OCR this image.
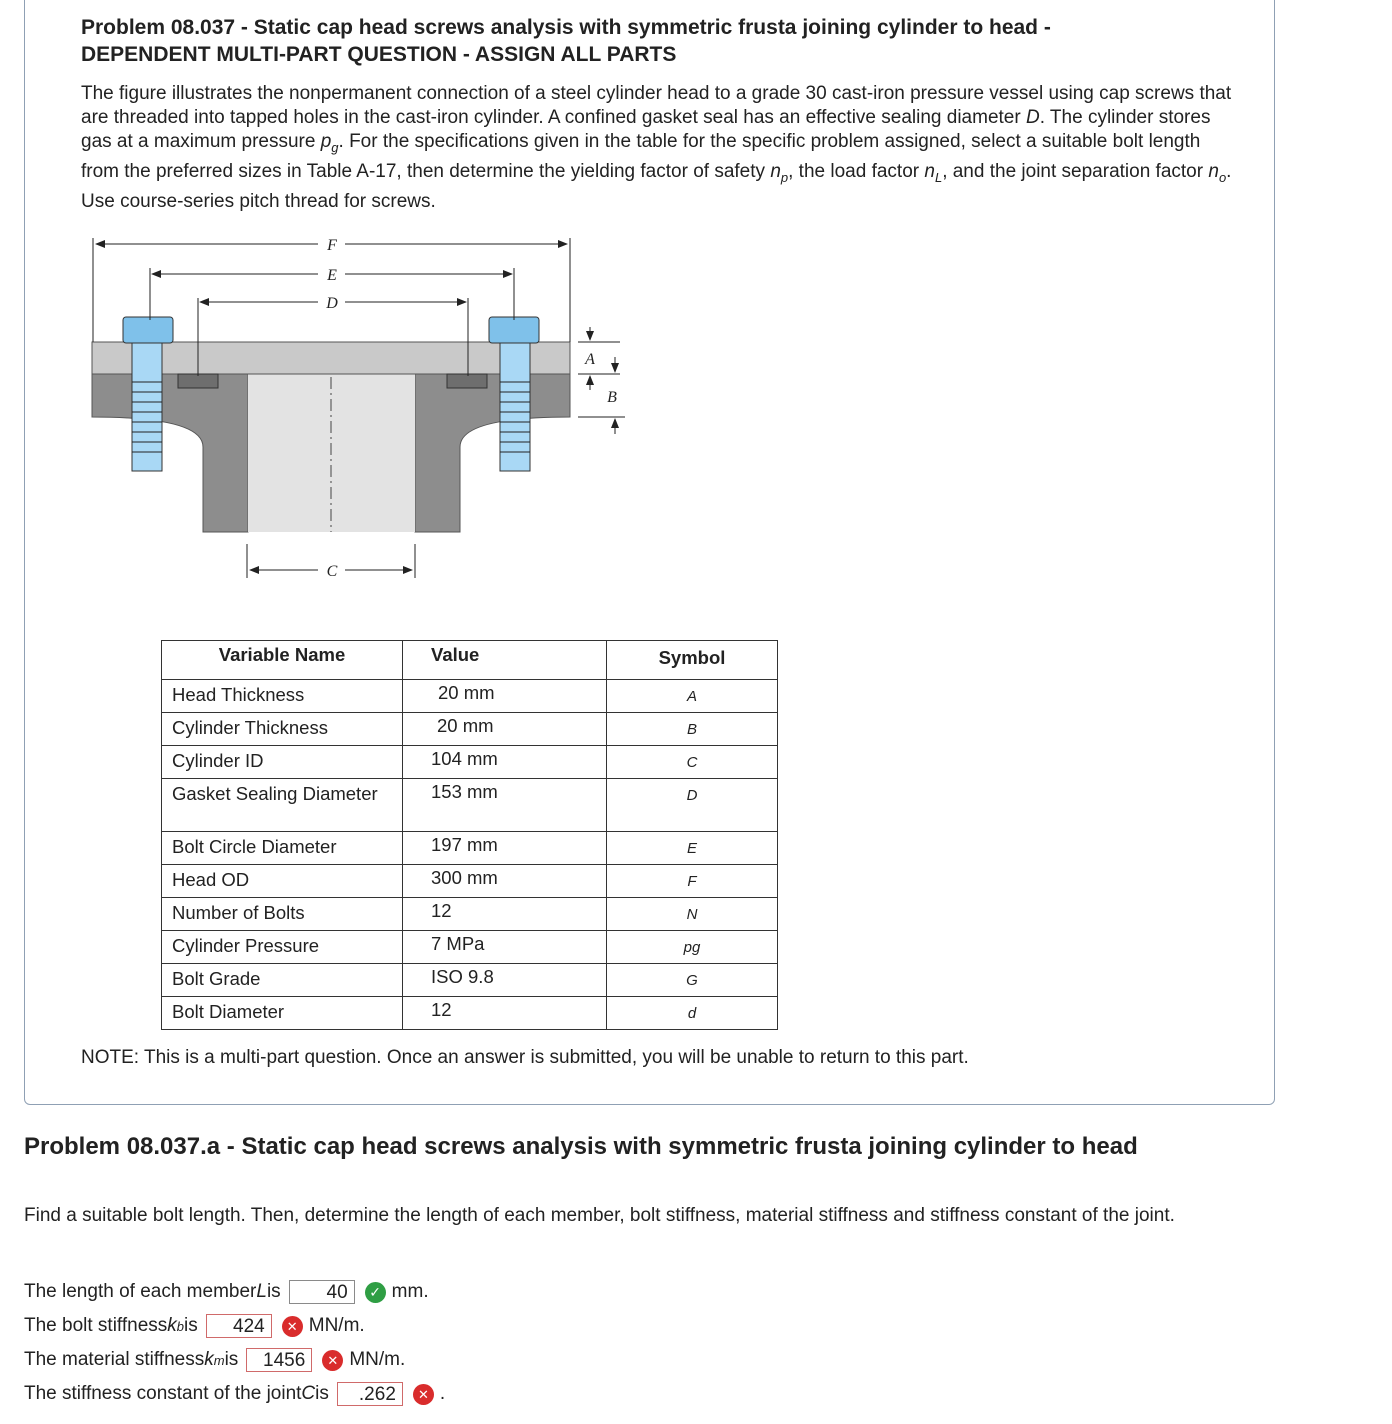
Problem 08.037 - Static cap head screws analysis with symmetric frusta joining cylinder to head -
DEPENDENT MULTI-PART QUESTION - ASSIGN ALL PARTS

The figure illustrates the nonpermanent connection of a steel cylinder head to a grade 30 cast-iron pressure vessel using cap screws that are threaded into tapped holes in the cast-iron cylinder. A confined gasket seal has an effective sealing diameter D. The cylinder stores gas at a maximum pressure $p_g$. For the specifications given in the table for the specific problem assigned, select a suitable bolt length from the preferred sizes in Table A-17, then determine the yielding factor of safety $n_p$, the load factor $n_L$, and the joint separation factor $n_o$. Use course-series pitch thread for screws.

F
E
D
A
B
C
Variable Name	Value	Symbol
Head Thickness	20 mm	A
Cylinder Thickness	20 mm	B
Cylinder ID	104 mm	C
Gasket Sealing Diameter	153 mm	D
Bolt Circle Diameter	197 mm	E
Head OD	300 mm	F
Number of Bolts	12	N
Cylinder Pressure	7 MPa	pg
Bolt Grade	ISO 9.8	G
Bolt Diameter	12	d
NOTE: This is a multi-part question. Once an answer is submitted, you will be unable to return to this part.
Problem 08.037.a - Static cap head screws analysis with symmetric frusta joining cylinder to head
Find a suitable bolt length. Then, determine the length of each member, bolt stiffness, material stiffness and stiffness constant of the joint.
The length of each member L is	40	✓ mm.
The bolt stiffness k b is	424	✕ MN/m.
The material stiffness k m is	1456	✕ MN/m.
The stiffness constant of the joint C is	.262	✕ .
